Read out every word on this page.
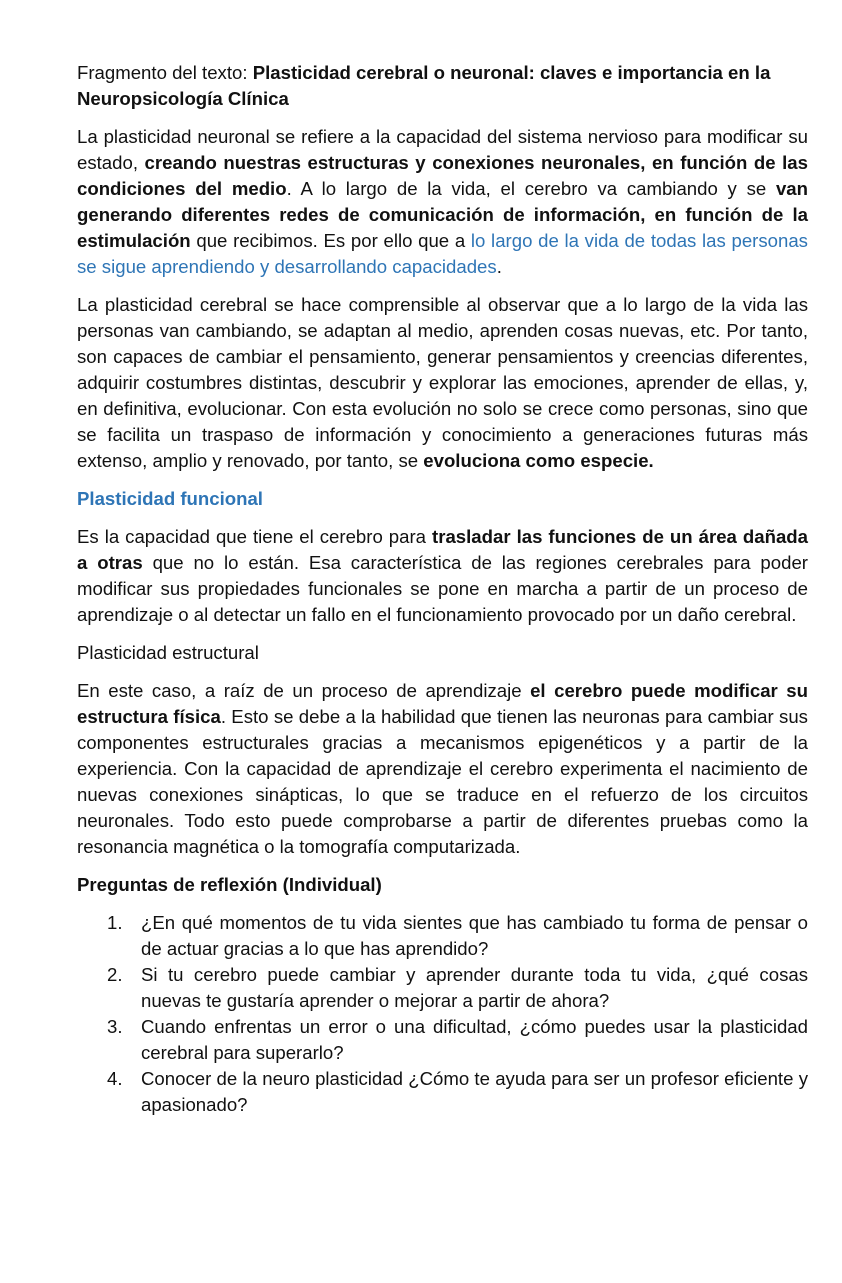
Fragmento del texto: Plasticidad cerebral o neuronal: claves e importancia en la Neuropsicología Clínica

La plasticidad neuronal se refiere a la capacidad del sistema nervioso para modificar su estado, creando nuestras estructuras y conexiones neuronales, en función de las condiciones del medio. A lo largo de la vida, el cerebro va cambiando y se van generando diferentes redes de comunicación de información, en función de la estimulación que recibimos. Es por ello que a lo largo de la vida de todas las personas se sigue aprendiendo y desarrollando capacidades.

La plasticidad cerebral se hace comprensible al observar que a lo largo de la vida las personas van cambiando, se adaptan al medio, aprenden cosas nuevas, etc. Por tanto, son capaces de cambiar el pensamiento, generar pensamientos y creencias diferentes, adquirir costumbres distintas, descubrir y explorar las emociones, aprender de ellas, y, en definitiva, evolucionar. Con esta evolución no solo se crece como personas, sino que se facilita un traspaso de información y conocimiento a generaciones futuras más extenso, amplio y renovado, por tanto, se evoluciona como especie.

Plasticidad funcional

Es la capacidad que tiene el cerebro para trasladar las funciones de un área dañada a otras que no lo están. Esa característica de las regiones cerebrales para poder modificar sus propiedades funcionales se pone en marcha a partir de un proceso de aprendizaje o al detectar un fallo en el funcionamiento provocado por un daño cerebral.

Plasticidad estructural

En este caso, a raíz de un proceso de aprendizaje el cerebro puede modificar su estructura física. Esto se debe a la habilidad que tienen las neuronas para cambiar sus componentes estructurales gracias a mecanismos epigenéticos y a partir de la experiencia. Con la capacidad de aprendizaje el cerebro experimenta el nacimiento de nuevas conexiones sinápticas, lo que se traduce en el refuerzo de los circuitos neuronales. Todo esto puede comprobarse a partir de diferentes pruebas como la resonancia magnética o la tomografía computarizada.

Preguntas de reflexión (Individual)

1. ¿En qué momentos de tu vida sientes que has cambiado tu forma de pensar o de actuar gracias a lo que has aprendido?
2. Si tu cerebro puede cambiar y aprender durante toda tu vida, ¿qué cosas nuevas te gustaría aprender o mejorar a partir de ahora?
3. Cuando enfrentas un error o una dificultad, ¿cómo puedes usar la plasticidad cerebral para superarlo?
4. Conocer de la neuro plasticidad ¿Cómo te ayuda para ser un profesor eficiente y apasionado?
